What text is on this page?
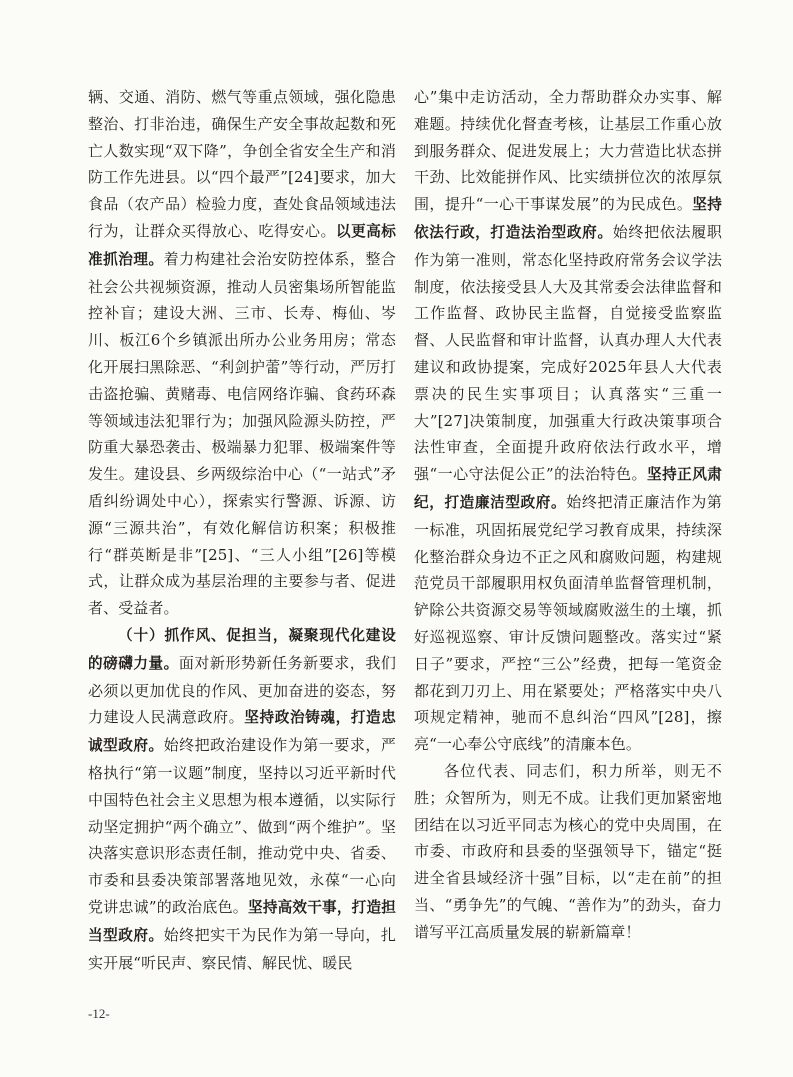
辆、交通、消防、燃气等重点领域，强化隐患整治、打非治违，确保生产安全事故起数和死亡人数实现“双下降”，争创全省安全生产和消防工作先进县。以“四个最严”[24]要求，加大食品（农产品）检验力度，查处食品领域违法行为，让群众买得放心、吃得安心。以更高标准抓治理。着力构建社会治安防控体系，整合社会公共视频资源，推动人员密集场所智能监控补盲；建设大洲、三市、长寿、梅仙、岑川、板江6个乡镇派出所办公业务用房；常态化开展扫黑除恶、“利剑护蕾”等行动，严厉打击盗抢骗、黄赌毒、电信网络诈骗、食药环森等领域违法犯罪行为；加强风险源头防控，严防重大暴恐袭击、极端暴力犯罪、极端案件等发生。建设县、乡两级综治中心（“一站式”矛盾纠纷调处中心），探索实行警源、诉源、访源“三源共治”，有效化解信访积案；积极推行“群英断是非”[25]、“三人小组”[26]等模式，让群众成为基层治理的主要参与者、促进者、受益者。

（十）抓作风、促担当，凝聚现代化建设的磅礴力量。面对新形势新任务新要求，我们必须以更加优良的作风、更加奋进的姿态，努力建设人民满意政府。坚持政治铸魂，打造忠诚型政府。始终把政治建设作为第一要求，严格执行“第一议题”制度，坚持以习近平新时代中国特色社会主义思想为根本遵循，以实际行动坚定拥护“两个确立”、做到“两个维护”。坚决落实意识形态责任制，推动党中央、省委、市委和县委决策部署落地见效，永葆“一心向党讲忠诚”的政治底色。坚持高效干事，打造担当型政府。始终把实干为民作为第一导向，扎实开展“听民声、察民情、解民忧、暖民

心”集中走访活动，全力帮助群众办实事、解难题。持续优化督查考核，让基层工作重心放到服务群众、促进发展上；大力营造比状态拼干劲、比效能拼作风、比实绩拼位次的浓厚氛围，提升“一心干事谋发展”的为民成色。坚持依法行政，打造法治型政府。始终把依法履职作为第一准则，常态化坚持政府常务会议学法制度，依法接受县人大及其常委会法律监督和工作监督、政协民主监督，自觉接受监察监督、人民监督和审计监督，认真办理人大代表建议和政协提案，完成好2025年县人大代表票决的民生实事项目；认真落实“三重一大”[27]决策制度，加强重大行政决策事项合法性审查，全面提升政府依法行政水平，增强“一心守法促公正”的法治特色。坚持正风肃纪，打造廉洁型政府。始终把清正廉洁作为第一标准，巩固拓展党纪学习教育成果，持续深化整治群众身边不正之风和腐败问题，构建规范党员干部履职用权负面清单监督管理机制，铲除公共资源交易等领域腐败滋生的土壤，抓好巡视巡察、审计反馈问题整改。落实过“紧日子”要求，严控“三公”经费，把每一笔资金都花到刀刃上、用在紧要处；严格落实中央八项规定精神，驰而不息纠治“四风”[28]，擦亮“一心奉公守底线”的清廉本色。

各位代表、同志们，积力所举，则无不胜；众智所为，则无不成。让我们更加紧密地团结在以习近平同志为核心的党中央周围，在市委、市政府和县委的坚强领导下，锚定“挺进全省县域经济十强”目标，以“走在前”的担当、“勇争先”的气魄、“善作为”的劲头，奋力谱写平江高质量发展的崭新篇章！

-12-
